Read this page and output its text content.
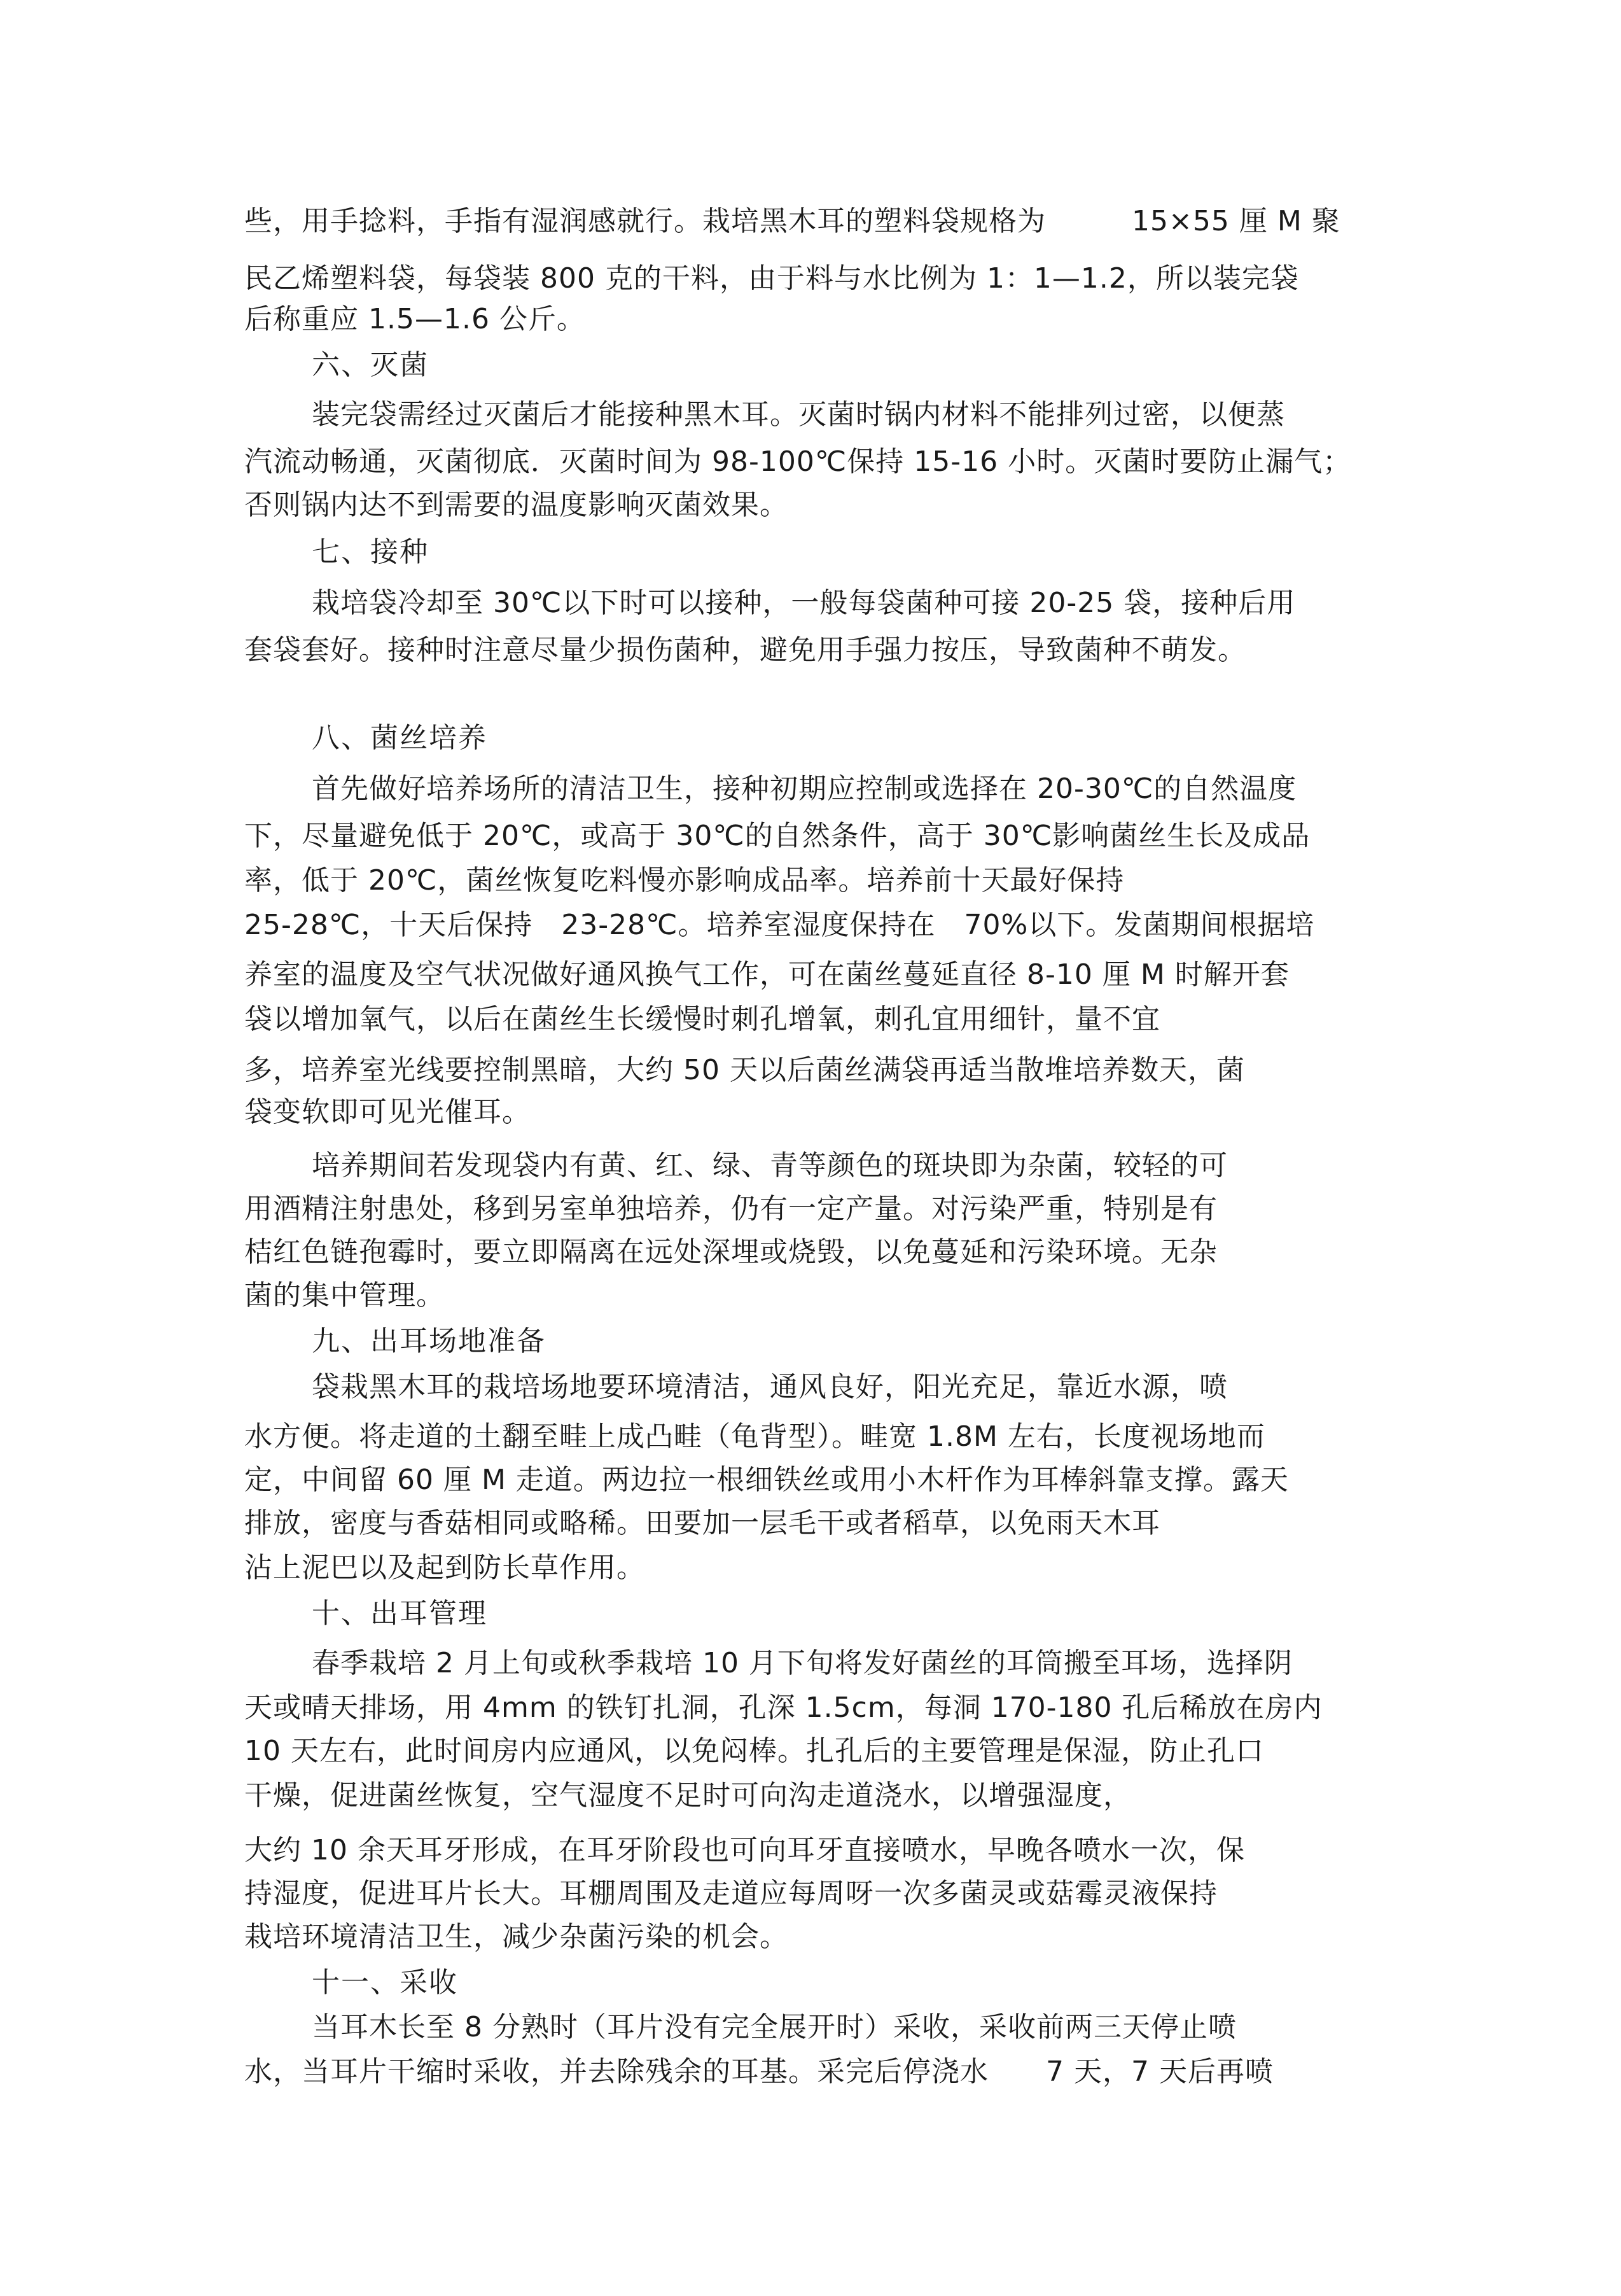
些，用手捻料，手指有湿润感就行。栽培黑木耳的塑料袋规格为　　　15×55 厘 M 聚
民乙烯塑料袋，每袋装 800 克的干料，由于料与水比例为 1：1—1.2，所以装完袋
后称重应 1.5—1.6 公斤。
六、灭菌
装完袋需经过灭菌后才能接种黑木耳。灭菌时锅内材料不能排列过密，以便蒸
汽流动畅通，灭菌彻底．灭菌时间为 98-100℃保持 15-16 小时。灭菌时要防止漏气；
否则锅内达不到需要的温度影响灭菌效果。
七、接种
栽培袋冷却至 30℃以下时可以接种，一般每袋菌种可接 20-25 袋，接种后用
套袋套好。接种时注意尽量少损伤菌种，避免用手强力按压，导致菌种不萌发。
八、菌丝培养
首先做好培养场所的清洁卫生，接种初期应控制或选择在 20-30℃的自然温度
下，尽量避免低于 20℃，或高于 30℃的自然条件，高于 30℃影响菌丝生长及成品
率，低于 20℃，菌丝恢复吃料慢亦影响成品率。培养前十天最好保持
25-28℃，十天后保持　23-28℃。培养室湿度保持在　70%以下。发菌期间根据培
养室的温度及空气状况做好通风换气工作，可在菌丝蔓延直径 8-10 厘 M 时解开套
袋以增加氧气，以后在菌丝生长缓慢时刺孔增氧，刺孔宜用细针，量不宜
多，培养室光线要控制黑暗，大约 50 天以后菌丝满袋再适当散堆培养数天，菌
袋变软即可见光催耳。
培养期间若发现袋内有黄、红、绿、青等颜色的斑块即为杂菌，较轻的可
用酒精注射患处，移到另室单独培养，仍有一定产量。对污染严重，特别是有
桔红色链孢霉时，要立即隔离在远处深埋或烧毁，以免蔓延和污染环境。无杂
菌的集中管理。
九、出耳场地准备
袋栽黑木耳的栽培场地要环境清洁，通风良好，阳光充足，靠近水源，喷
水方便。将走道的土翻至畦上成凸畦（龟背型）。畦宽 1.8M 左右，长度视场地而
定，中间留 60 厘 M 走道。两边拉一根细铁丝或用小木杆作为耳棒斜靠支撑。露天
排放，密度与香菇相同或略稀。田要加一层毛干或者稻草，以免雨天木耳
沾上泥巴以及起到防长草作用。
十、出耳管理
春季栽培 2 月上旬或秋季栽培 10 月下旬将发好菌丝的耳筒搬至耳场，选择阴
天或晴天排场，用 4mm 的铁钉扎洞，孔深 1.5cm，每洞 170-180 孔后稀放在房内
10 天左右，此时间房内应通风，以免闷棒。扎孔后的主要管理是保湿，防止孔口
干燥，促进菌丝恢复，空气湿度不足时可向沟走道浇水，以增强湿度，
大约 10 余天耳牙形成，在耳牙阶段也可向耳牙直接喷水，早晚各喷水一次，保
持湿度，促进耳片长大。耳棚周围及走道应每周呀一次多菌灵或菇霉灵液保持
栽培环境清洁卫生，减少杂菌污染的机会。
十一、采收
当耳木长至 8 分熟时（耳片没有完全展开时）采收，采收前两三天停止喷
水，当耳片干缩时采收，并去除残余的耳基。采完后停浇水　　7 天，7 天后再喷
